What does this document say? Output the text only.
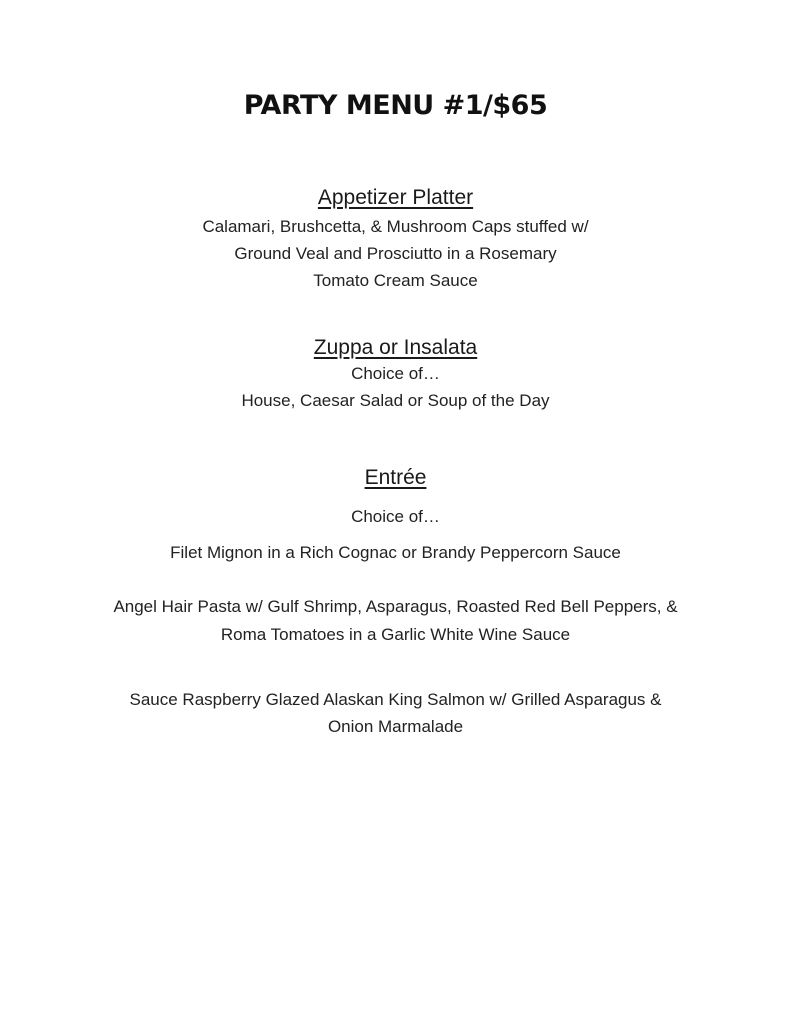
PARTY MENU #1/$65
Appetizer Platter
Calamari, Brushcetta, & Mushroom Caps stuffed w/
Ground Veal and Prosciutto in a Rosemary
Tomato Cream Sauce
Zuppa or Insalata
Choice of…
House, Caesar Salad or Soup of the Day
Entrée
Choice of…
Filet Mignon in a Rich Cognac or Brandy Peppercorn Sauce
Angel Hair Pasta w/ Gulf Shrimp, Asparagus, Roasted Red Bell Peppers, &
Roma Tomatoes in a Garlic White Wine Sauce
Sauce Raspberry Glazed Alaskan King Salmon w/ Grilled Asparagus &
Onion Marmalade
